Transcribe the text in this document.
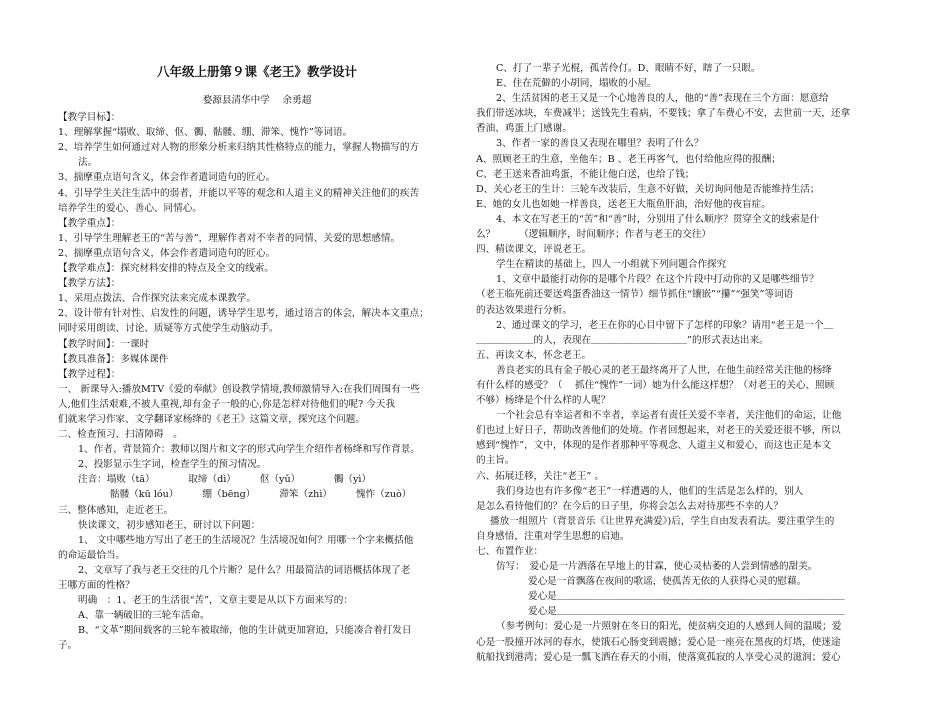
八年级上册第９课《老王》教学设计
婺源县清华中学　 余勇超
【教学目标】：
1、理解掌握“塌败、取缔、伛、髑、骷髅、绷、滞笨、愧怍”等词语。
2、培养学生如何通过对人物的形象分析来归纳其性格特点的能力，掌握人物描写的方
法。
3、揣摩重点语句含义，体会作者遣词造句的匠心。
4、引导学生关注生活中的弱者，并能以平等的观念和人道主义的精神关注他们的疾苦
培养学生的爱心、善心、同情心。
【教学重点】：
1、引导学生理解老王的“苦与善”，理解作者对不幸者的同情、关爱的思想感情。
2、揣摩重点语句含义，体会作者遣词造句的匠心。
【教学难点】：探究材料安排的特点及全文的线索。
【教学方法】：
1、采用点拨法、合作探究法来完成本课教学。
2、设计带有针对性、启发性的问题，诱导学生思考，通过语言的体会，解决本文重点；
同时采用朗读、讨论、质疑等方式使学生动脑动手。
【教学时间】：一课时
【教具准备】：多媒体课件
【教学过程】：
一、 新课导入:播放MTV《爱的奉献》创设教学情境,教师激情导入:在我们周围有一些
人,他们生活艰难,不被人重视,却有金子一般的心,你是怎样对待他们的呢? 今天我
们就来学习作家、文学翻译家杨绛的《老王》这篇文章，探究这个问题。
二、检查预习、扫清障碍　。
1、作者、背景简介：教师以图片和文字的形式向学生介绍作者杨绛和写作背景。
2、投影显示生字词，检查学生的预习情况。
注音：塌败（tā）　　　　取缔（dì）　　　伛（yǔ）　　　　髑（yì）
骷髅（kū lóu）　　　绷（bēng）　　　滞笨（zhì）　　　愧怍（zuò）
三、整体感知，走近老王。
快读课文，初步感知老王，研讨以下问题：
1、 文中哪些地方写出了老王的生活境况？生活境况如何？用哪一个字来概括他
的命运最恰当。
2、文章写了我与老王交往的几个片断？是什么？用最简洁的词语概括体现了老
王哪方面的性格？
明确　：1、老王的生活很“苦”，文章主要是从以下方面来写的：
A、靠一辆破旧的三轮车活命。
B、“文革”期间载客的三轮车被取缔，他的生计就更加窘迫，只能凑合着打发日
子。
C、打了一辈子光棍，孤苦伶仃。D、眼睛不好，瞎了一只眼。
E、住在荒僻的小胡同，塌败的小屋。
2、生活贫困的老王又是一个心地善良的人，他的“善”表现在三个方面：愿意给
我们带送冰块，车费减半；送钱先生看病，不要钱；拿了车费心不安，去世前一天，还拿
香油、鸡蛋上门感谢。
3、作者一家的善良又表现在哪里？表明了什么？
A、照顾老王的生意，坐他车；B 、老王再客气，也付给他应得的报酬；
C、老王送来香油鸡蛋，不能让他白送，也给了钱；
D、关心老王的生计：三轮车改装后，生意不好做，关切询问他是否能维持生活；
E、她的女儿也如她一样善良，送老王大瓶鱼肝油，治好他的夜盲症。
4、本文在写老王的“苦”和“善”时，分别用了什么顺序？贯穿全文的线索是什
么？　　　（逻辑顺序，时间顺序；作者与老王的交往）
四、精读课文，评说老王。
学生在精读的基础上，四人一小组就下列问题合作探究
1、文章中最能打动你的是哪个片段？在这个片段中打动你的又是哪些细节？
（老王临死前还要送鸡蛋香油这一情节）细节抓住“镶嵌”“攥”“强笑”等词语
的表达效果进行分析。
2、通过课文的学习，老王在你的心目中留下了怎样的印象？请用“老王是一个＿
＿＿＿＿＿＿的人，表现在＿＿＿＿＿＿＿＿＿＿”的形式表达出来。
五、再读文本，怀念老王。
善良老实的具有金子般心灵的老王最终离开了人世，在他生前经常关注他的杨绛
有什么样的感受？（　 抓住“愧怍”一词）她为什么能这样想？（对老王的关心、照顾
不够）杨绛是个什么样的人呢？
一个社会总有幸运者和不幸者，幸运者有责任关爱不幸者，关注他们的命运，让他
们也过上好日子，帮助改善他们的处境。作者回想起来，对老王的关爱还很不够，所以
感到“愧怍”，文中，体现的是作者那种平等观念、人道主义和爱心，而这也正是本文
的主旨。
六、拓展迁移，关注“老王” 。
我们身边也有许多像“老王”一样遭遇的人，他们的生活是怎么样的，别人
是怎么看待他们的？在今后的日子里，你将会怎么去对待那些不幸的人？
播放一组照片（背景音乐《让世界充满爱》)后，学生自由发表看法。要注重学生的
自身感悟，注重对学生思想的启迪。
七、布置作业：
仿写：　爱心是一片洒落在旱地上的甘霖，使心灵枯萎的人尝到情感的甜美。
爱心是一首飘落在夜间的歌谣，使孤苦无依的人获得心灵的慰藉。
爱心是＿＿＿＿＿＿＿＿＿＿＿＿＿＿＿＿＿＿＿＿＿＿＿＿＿＿＿＿＿＿
爱心是＿＿＿＿＿＿＿＿＿＿＿＿＿＿＿＿＿＿＿＿＿＿＿＿＿＿＿＿＿＿
（参考例句：爱心是一片照射在冬日的阳光，使贫病交迫的人感到人间的温暖；爱
心是一股撞开冰河的春水，使饿石心肠变到震撼；爱心是一座亮在黑夜的灯塔，使迷途
航船找到港湾；爱心是一瓢飞洒在春天的小雨，使落寞孤寂的人享受心灵的滋润；爱心
